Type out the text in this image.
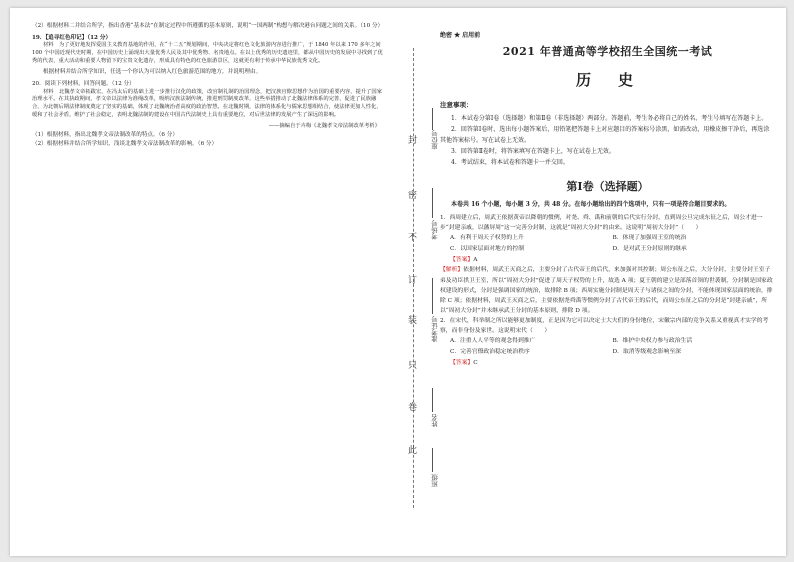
（2）根据材料二并结合所学，指出香港“基本法”在制定过程中所遵循的基本原则，说明“一国两制”构想与解决港台问题之间的关系。（10 分）

19．【追寻红色印记】（12 分）

材料　为了更好地发挥爱国主义教育基地的作用，在“十二五”规划期间，中央决定将红色文化旅游内容进行推广，于 1840 年以来 170 多年之间 100 个中国近现代史时期，在中国历史上涌现出大量优秀人民及其中优秀物、名贵地点。在以上优秀的历史遗迹里，都从中国历史的发展中寻找到了优秀的代表，重大活动和重要人物留下的宝贵文化遗存，形成具有特色的红色旅游景区，这就更有利于传承中华民族优秀文化。

根据材料并结合所学知识，任选一个你认为可以纳入红色旅游范围的地方，并说明理由。

20．阅读下列材料，回答问题。（12 分）

材料　北魏孝文帝拓跋宏，在冯太后的基础上进一步推行汉化的政策，改官制礼制的治国理念，把汉族官僚思想作为治国的重要内容，提升了国家治理水平。在其执政期间，孝文帝以法律为准绳改革，吸纳汉族法制传统，推进刑罚制度改革，这些举措推动了北魏法律体系的完善，促进了民族融合，为北朝后期法律制度奠定了坚实的基础，体现了北魏统治者高度的政治智慧。在北魏时期，法律的体系化与儒家思想相结合，使法律更加人性化，缓和了社会矛盾，维护了社会稳定，表明北魏法制的建设在中国古代法制史上具有重要地位，对后世法律的发展产生了深远的影响。

——摘编自于卉梅《北魏孝文帝法制改革考析》

（1）根据材料，指出北魏孝文帝法制改革的特点。（6 分）

（2）根据材料并结合所学知识，浅谈北魏孝文帝法制改革的影响。（6 分）	封
密
不
订
装
只
卷
此
座位号
考场号
准考证号
姓名
班级
绝密 ★ 启用前
2021 年普通高等学校招生全国统一考试
历　史

注意事项：

1．本试卷分第Ⅰ卷（选择题）和第Ⅱ卷（非选择题）两部分。答题前，考生务必将自己的姓名、考生号填写在答题卡上。

2．回答第Ⅰ卷时，选出每小题答案后，用铅笔把答题卡上对应题目的答案标号涂黑，如需改动，用橡皮擦干净后，再选涂其他答案标号。写在试卷上无效。

3．回答第Ⅱ卷时，将答案填写在答题卡上，写在试卷上无效。

4．考试结束，将本试卷和答题卡一并交回。

第Ⅰ卷（选择题）

本卷共 16 个小题，每小题 3 分，共 48 分。在每小题给出的四个选项中，只有一项是符合题目要求的。

1．西周建立后，周武王依据黄帝以降朝的惯例，对尧、舜、禹和前朝的后代实行分封，直到周公旦完成东征之后，周公才进一步“封建亲戚，以藩屏周”这一完善分封制，这就是“周初大分封”的由来。这说明“周初大分封”（　　）

A．有利于周天子权势的上升	B．体现了加强周王室的统治
C．以国家层面对地方的控制	D．是对武王分封原则的继承

【答案】A

【解析】依据材料，周武王灭商之后，主要分封了古代帝王的后代，来加强对其控制；周公东征之后，大分分封，主要分封王室子弟及功臣拱卫王室，所以“周初大分封”促进了周天子权势的上升，故选 A 项；夏王朝的建立是部落首领的世袭制，分封制是国家政权建设的形式，分封是强调国家的统治，故排除 B 项；西周实施分封制是周天子与诸侯之间的分封，不能体现国家层面的统治，排除 C 项；依据材料，周武王灭商之后，主要依据尧舜禹等惯例分封了古代帝王的后代，而周公东征之后的分封是“封建亲戚”，所以“周初大分封”并未继承武王分封的基本原则，排除 D 项。

2．在宋代，科举制之所以能够更加制度，正是因为它可以决定士大夫们的身份地位，宋徽宗内部的竞争关系又重视真才实学的考察，而非身份及家世。这说明宋代（　　）

A．注重人人平等的观念得到推广	B．维护中央权力参与政治生活
C．完善官僚政治稳定统治秩序	D．取消等级观念影响至深

【答案】C
